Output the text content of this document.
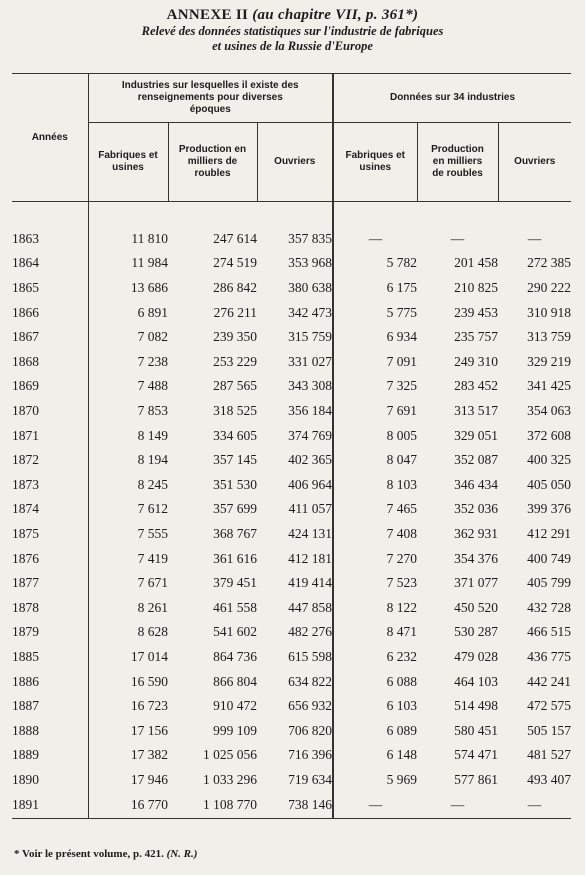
ANNEXE II (au chapitre VII, p. 361*)
Relevé des données statistiques sur l'industrie de fabriques
et usines de la Russie d'Europe
Années	Industries sur lesquelles il existe des renseignements pour diverses époques			Données sur 34 industries		
	Fabriques et usines	Production en milliers de roubles	Ouvriers	Fabriques et usines	Production en milliers de roubles	Ouvriers

1863	11 810	247 614	357 835	—	—	—
1864	11 984	274 519	353 968	5 782	201 458	272 385
1865	13 686	286 842	380 638	6 175	210 825	290 222
1866	6 891	276 211	342 473	5 775	239 453	310 918
1867	7 082	239 350	315 759	6 934	235 757	313 759
1868	7 238	253 229	331 027	7 091	249 310	329 219
1869	7 488	287 565	343 308	7 325	283 452	341 425
1870	7 853	318 525	356 184	7 691	313 517	354 063
1871	8 149	334 605	374 769	8 005	329 051	372 608
1872	8 194	357 145	402 365	8 047	352 087	400 325
1873	8 245	351 530	406 964	8 103	346 434	405 050
1874	7 612	357 699	411 057	7 465	352 036	399 376
1875	7 555	368 767	424 131	7 408	362 931	412 291
1876	7 419	361 616	412 181	7 270	354 376	400 749
1877	7 671	379 451	419 414	7 523	371 077	405 799
1878	8 261	461 558	447 858	8 122	450 520	432 728
1879	8 628	541 602	482 276	8 471	530 287	466 515
1885	17 014	864 736	615 598	6 232	479 028	436 775
1886	16 590	866 804	634 822	6 088	464 103	442 241
1887	16 723	910 472	656 932	6 103	514 498	472 575
1888	17 156	999 109	706 820	6 089	580 451	505 157
1889	17 382	1 025 056	716 396	6 148	574 471	481 527
1890	17 946	1 033 296	719 634	5 969	577 861	493 407
1891	16 770	1 108 770	738 146	—	—	—
* Voir le présent volume, p. 421. (N. R.)
